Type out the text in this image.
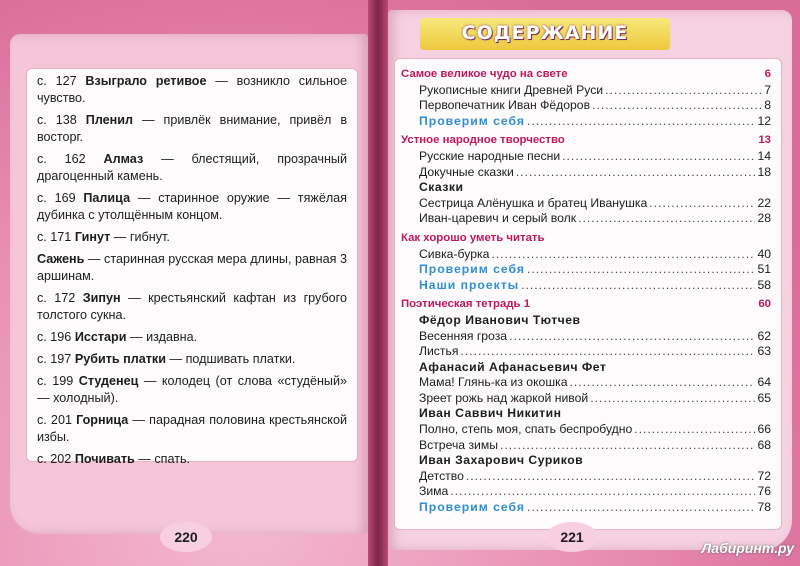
с. 127 Взыграло ретивое — возникло сильное чувство.
с. 138 Пленил — привлёк внимание, привёл в восторг.
с. 162 Алмаз — блестящий, прозрачный драгоценный камень.
с. 169 Палица — старинное оружие — тяжёлая дубинка с утолщённым концом.
с. 171 Гинут — гибнут.
Сажень — старинная русская мера длины, равная 3 аршинам.
с. 172 Зипун — крестьянский кафтан из грубого толстого сукна.
с. 196 Исстари — издавна.
с. 197 Рубить платки — подшивать платки.
с. 199 Студенец — колодец (от слова «студёный» — холодный).
с. 201 Горница — парадная половина крестьянской избы.
с. 202 Почивать — спать.
СОДЕРЖАНИЕ
Самое великое чудо на свете	6
Рукописные книги Древней Руси .....	7
Первопечатник Иван Фёдоров .....	8
Проверим себя .....	12
Устное народное творчество	13
Русские народные песни .....	14
Докучные сказки .....	18
Сказки
Сестрица Алёнушка и братец Иванушка .....	22
Иван-царевич и серый волк .....	28
Как хорошо уметь читать
Сивка-бурка .....	40
Проверим себя .....	51
Наши проекты .....	58
Поэтическая тетрадь 1	60
Фёдор Иванович Тютчев
Весенняя гроза .....	62
Листья .....	63
Афанасий Афанасьевич Фет
Мама! Глянь-ка из окошка .....	64
Зреет рожь над жаркой нивой .....	65
Иван Саввич Никитин
Полно, степь моя, спать беспробудно .....	66
Встреча зимы .....	68
Иван Захарович Суриков
Детство .....	72
Зима .....	76
Проверим себя .....	78
220	221
Лабиринт.ру
